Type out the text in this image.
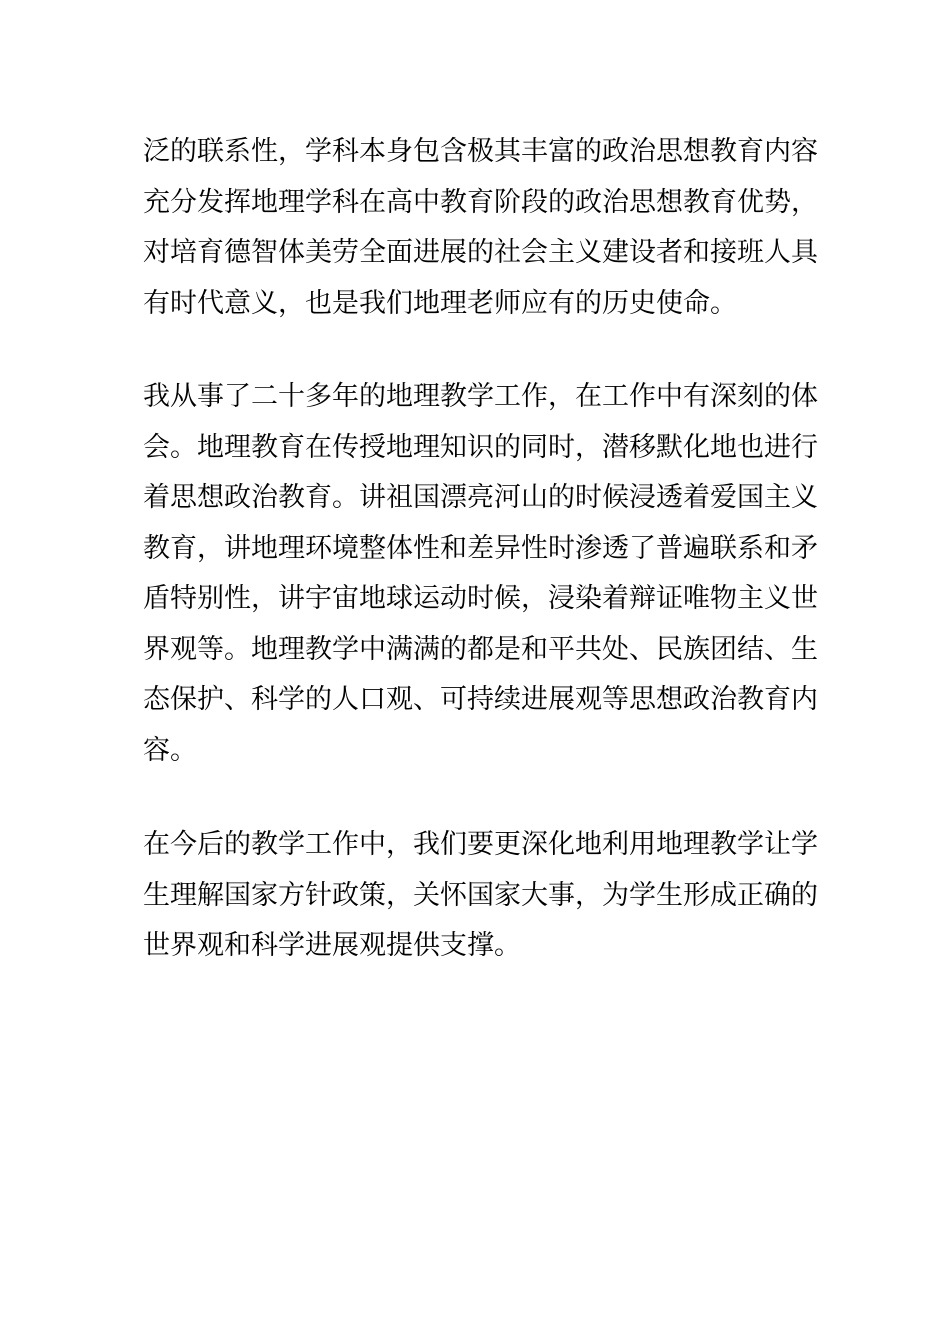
泛的联系性，学科本身包含极其丰富的政治思想教育内容
充分发挥地理学科在高中教育阶段的政治思想教育优势，
对培育德智体美劳全面进展的社会主义建设者和接班人具
有时代意义，也是我们地理老师应有的历史使命。
我从事了二十多年的地理教学工作，在工作中有深刻的体
会。地理教育在传授地理知识的同时，潜移默化地也进行
着思想政治教育。讲祖国漂亮河山的时候浸透着爱国主义
教育，讲地理环境整体性和差异性时渗透了普遍联系和矛
盾特别性，讲宇宙地球运动时候，浸染着辩证唯物主义世
界观等。地理教学中满满的都是和平共处、民族团结、生
态保护、科学的人口观、可持续进展观等思想政治教育内
容。
在今后的教学工作中，我们要更深化地利用地理教学让学
生理解国家方针政策，关怀国家大事，为学生形成正确的
世界观和科学进展观提供支撑。
